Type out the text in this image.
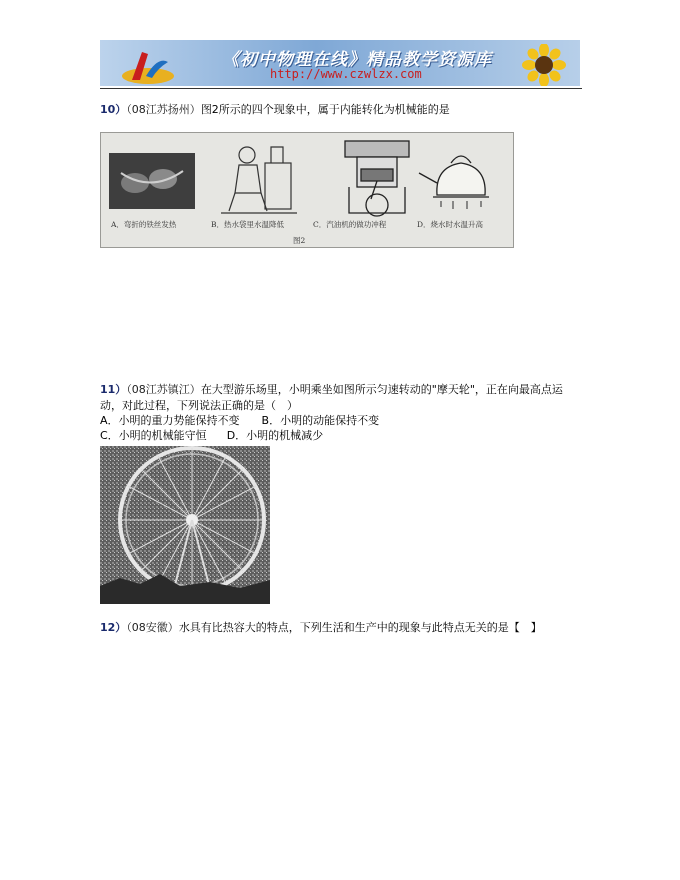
《初中物理在线》精品教学资源库
http://www.czwlzx.com
10）（08江苏扬州）图2所示的四个现象中，属于内能转化为机械能的是
A．弯折的铁丝发热	B．热水袋里水温降低	C．汽油机的做功冲程	D．烧水时水温升高
图2
11）（08江苏镇江）在大型游乐场里，小明乘坐如图所示匀速转动的"摩天轮"，正在向最高点运
动，对此过程，下列说法正确的是（　）
A．小明的重力势能保持不变 B．小明的动能保持不变
C．小明的机械能守恒 D．小明的机械减少
12）（08安徽）水具有比热容大的特点，下列生活和生产中的现象与此特点无关的是【　】
